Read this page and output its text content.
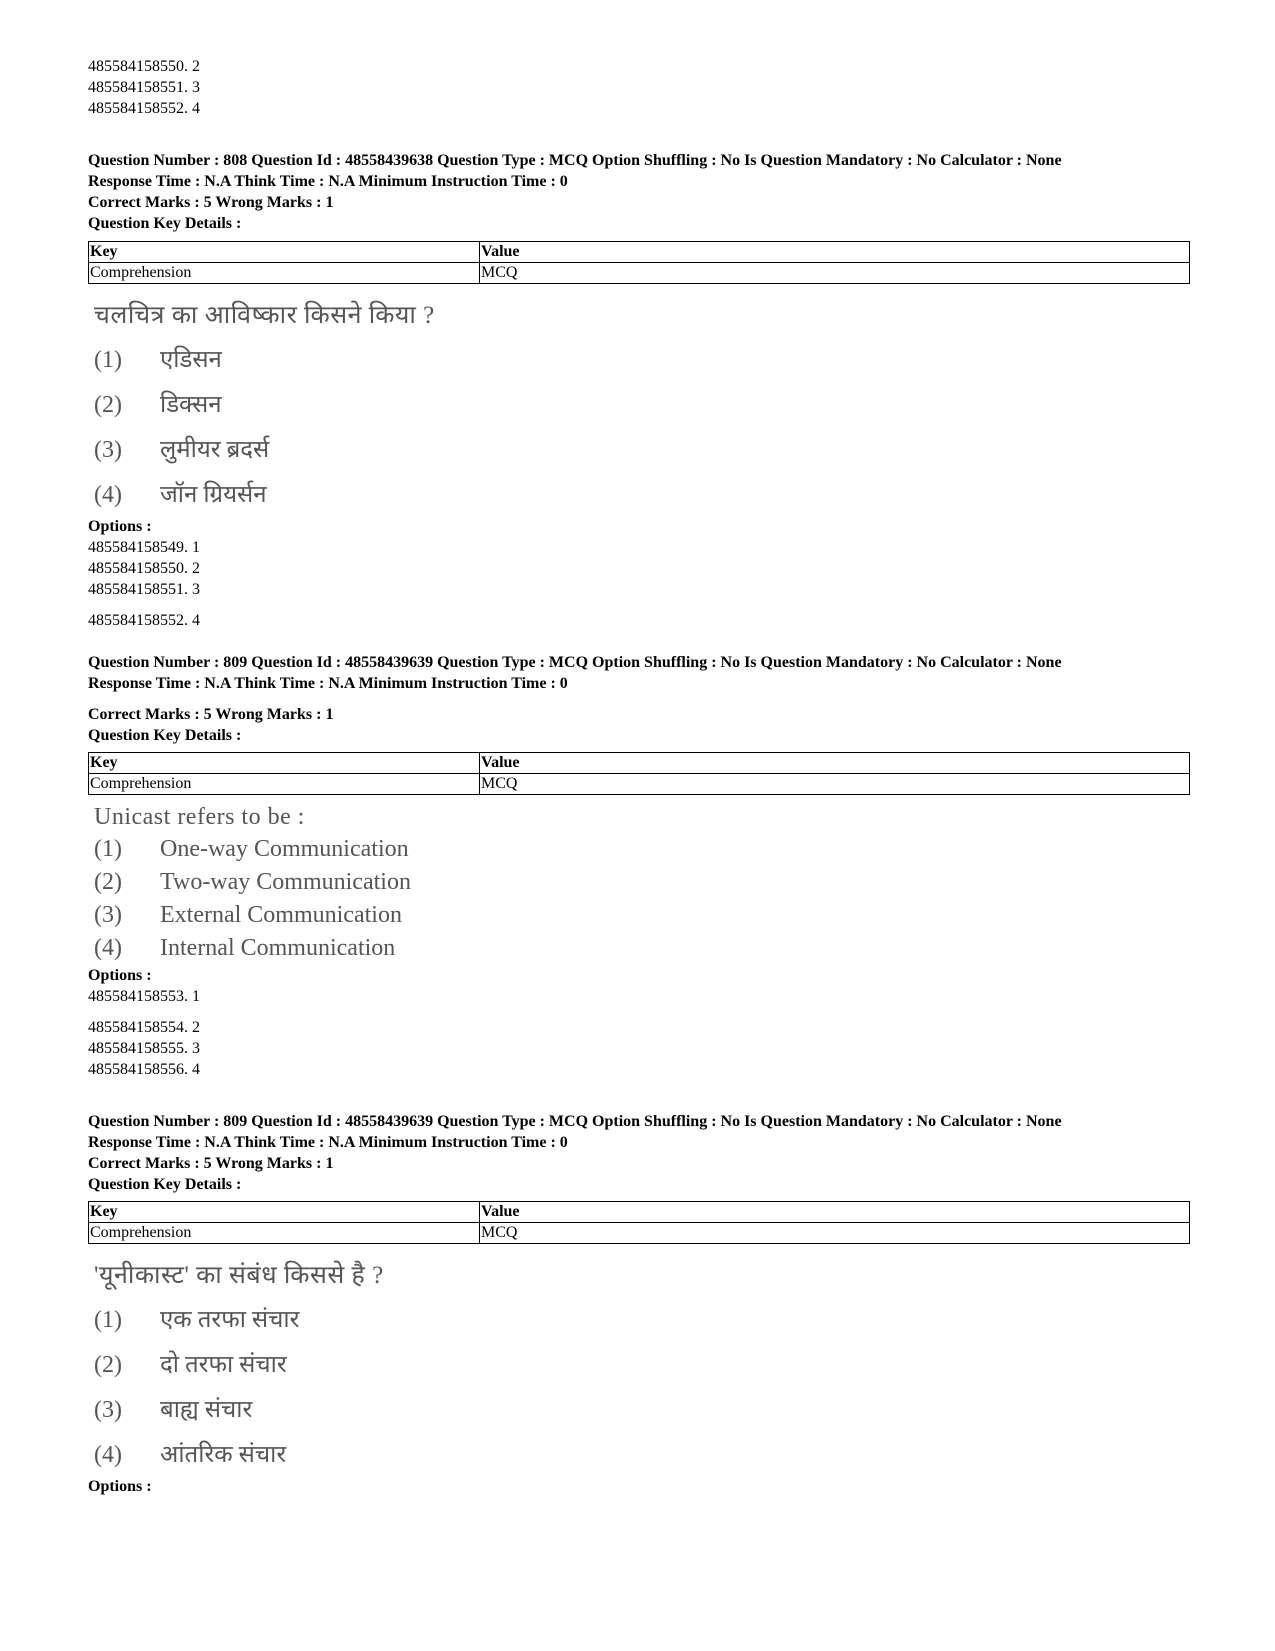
485584158550. 2
485584158551. 3
485584158552. 4
Question Number : 808 Question Id : 48558439638 Question Type : MCQ Option Shuffling : No Is Question Mandatory : No Calculator : None
Response Time : N.A Think Time : N.A Minimum Instruction Time : 0
Correct Marks : 5 Wrong Marks : 1
Question Key Details :
Key	Value
Comprehension	MCQ
चलचित्र का आविष्कार किसने किया ?
(1)	एडिसन
(2)	डिक्सन
(3)	लुमीयर ब्रदर्स
(4)	जॉन ग्रियर्सन
Options :
485584158549. 1
485584158550. 2
485584158551. 3
485584158552. 4
Question Number : 809 Question Id : 48558439639 Question Type : MCQ Option Shuffling : No Is Question Mandatory : No Calculator : None
Response Time : N.A Think Time : N.A Minimum Instruction Time : 0
Correct Marks : 5 Wrong Marks : 1
Question Key Details :
Key	Value
Comprehension	MCQ
Unicast refers to be :
(1)	One-way Communication
(2)	Two-way Communication
(3)	External Communication
(4)	Internal Communication
Options :
485584158553. 1
485584158554. 2
485584158555. 3
485584158556. 4
Question Number : 809 Question Id : 48558439639 Question Type : MCQ Option Shuffling : No Is Question Mandatory : No Calculator : None
Response Time : N.A Think Time : N.A Minimum Instruction Time : 0
Correct Marks : 5 Wrong Marks : 1
Question Key Details :
Key	Value
Comprehension	MCQ
'यूनीकास्ट' का संबंध किससे है ?
(1)	एक तरफा संचार
(2)	दो तरफा संचार
(3)	बाह्य संचार
(4)	आंतरिक संचार
Options :
